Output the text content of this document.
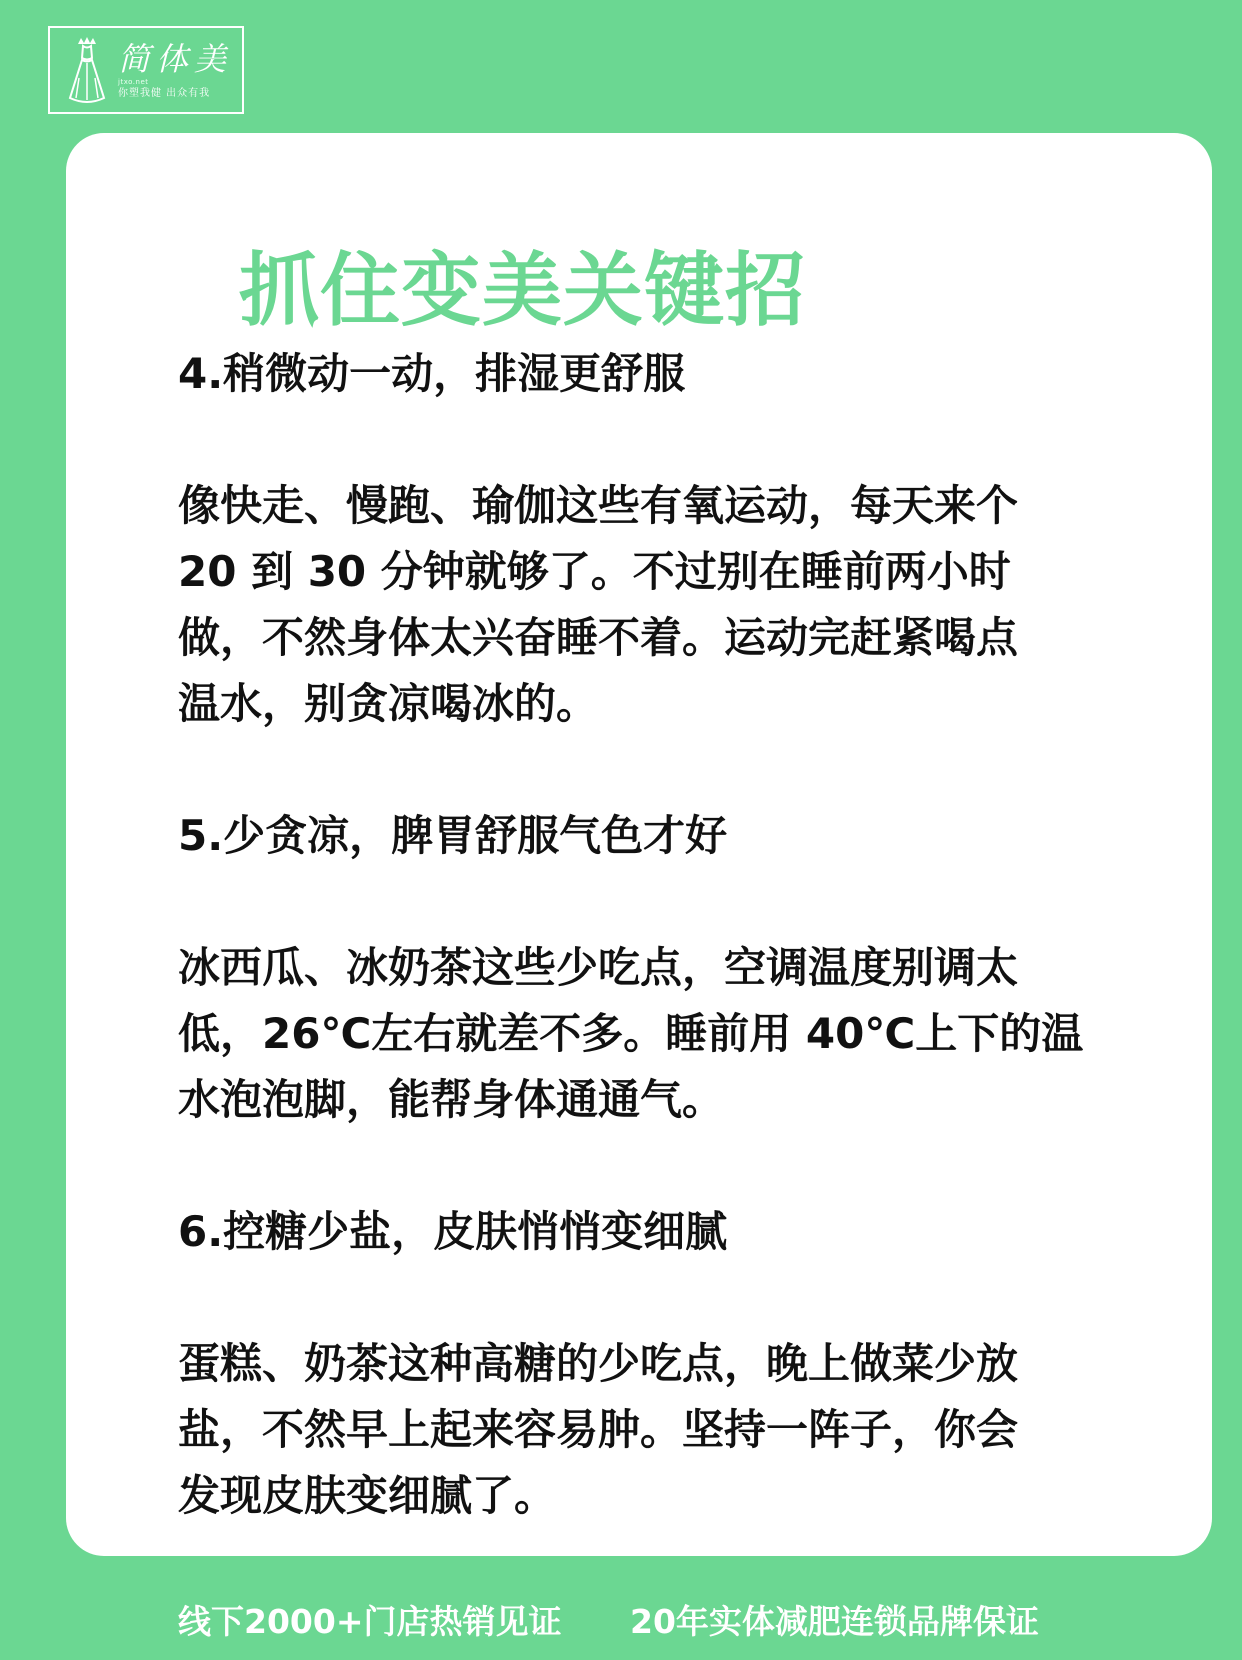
简体美
jtxo.net
你塑我健 出众有我
抓住变美关键招

4.稍微动一动，排湿更舒服

像快走、慢跑、瑜伽这些有氧运动，每天来个
20 到 30 分钟就够了。不过别在睡前两小时
做，不然身体太兴奋睡不着。运动完赶紧喝点
温水，别贪凉喝冰的。

5.少贪凉，脾胃舒服气色才好

冰西瓜、冰奶茶这些少吃点，空调温度别调太
低，26℃左右就差不多。睡前用 40℃上下的温
水泡泡脚，能帮身体通通气。

6.控糖少盐，皮肤悄悄变细腻

蛋糕、奶茶这种高糖的少吃点，晚上做菜少放
盐，不然早上起来容易肿。坚持一阵子，你会
发现皮肤变细腻了。

线下2000+门店热销见证 20年实体减肥连锁品牌保证
